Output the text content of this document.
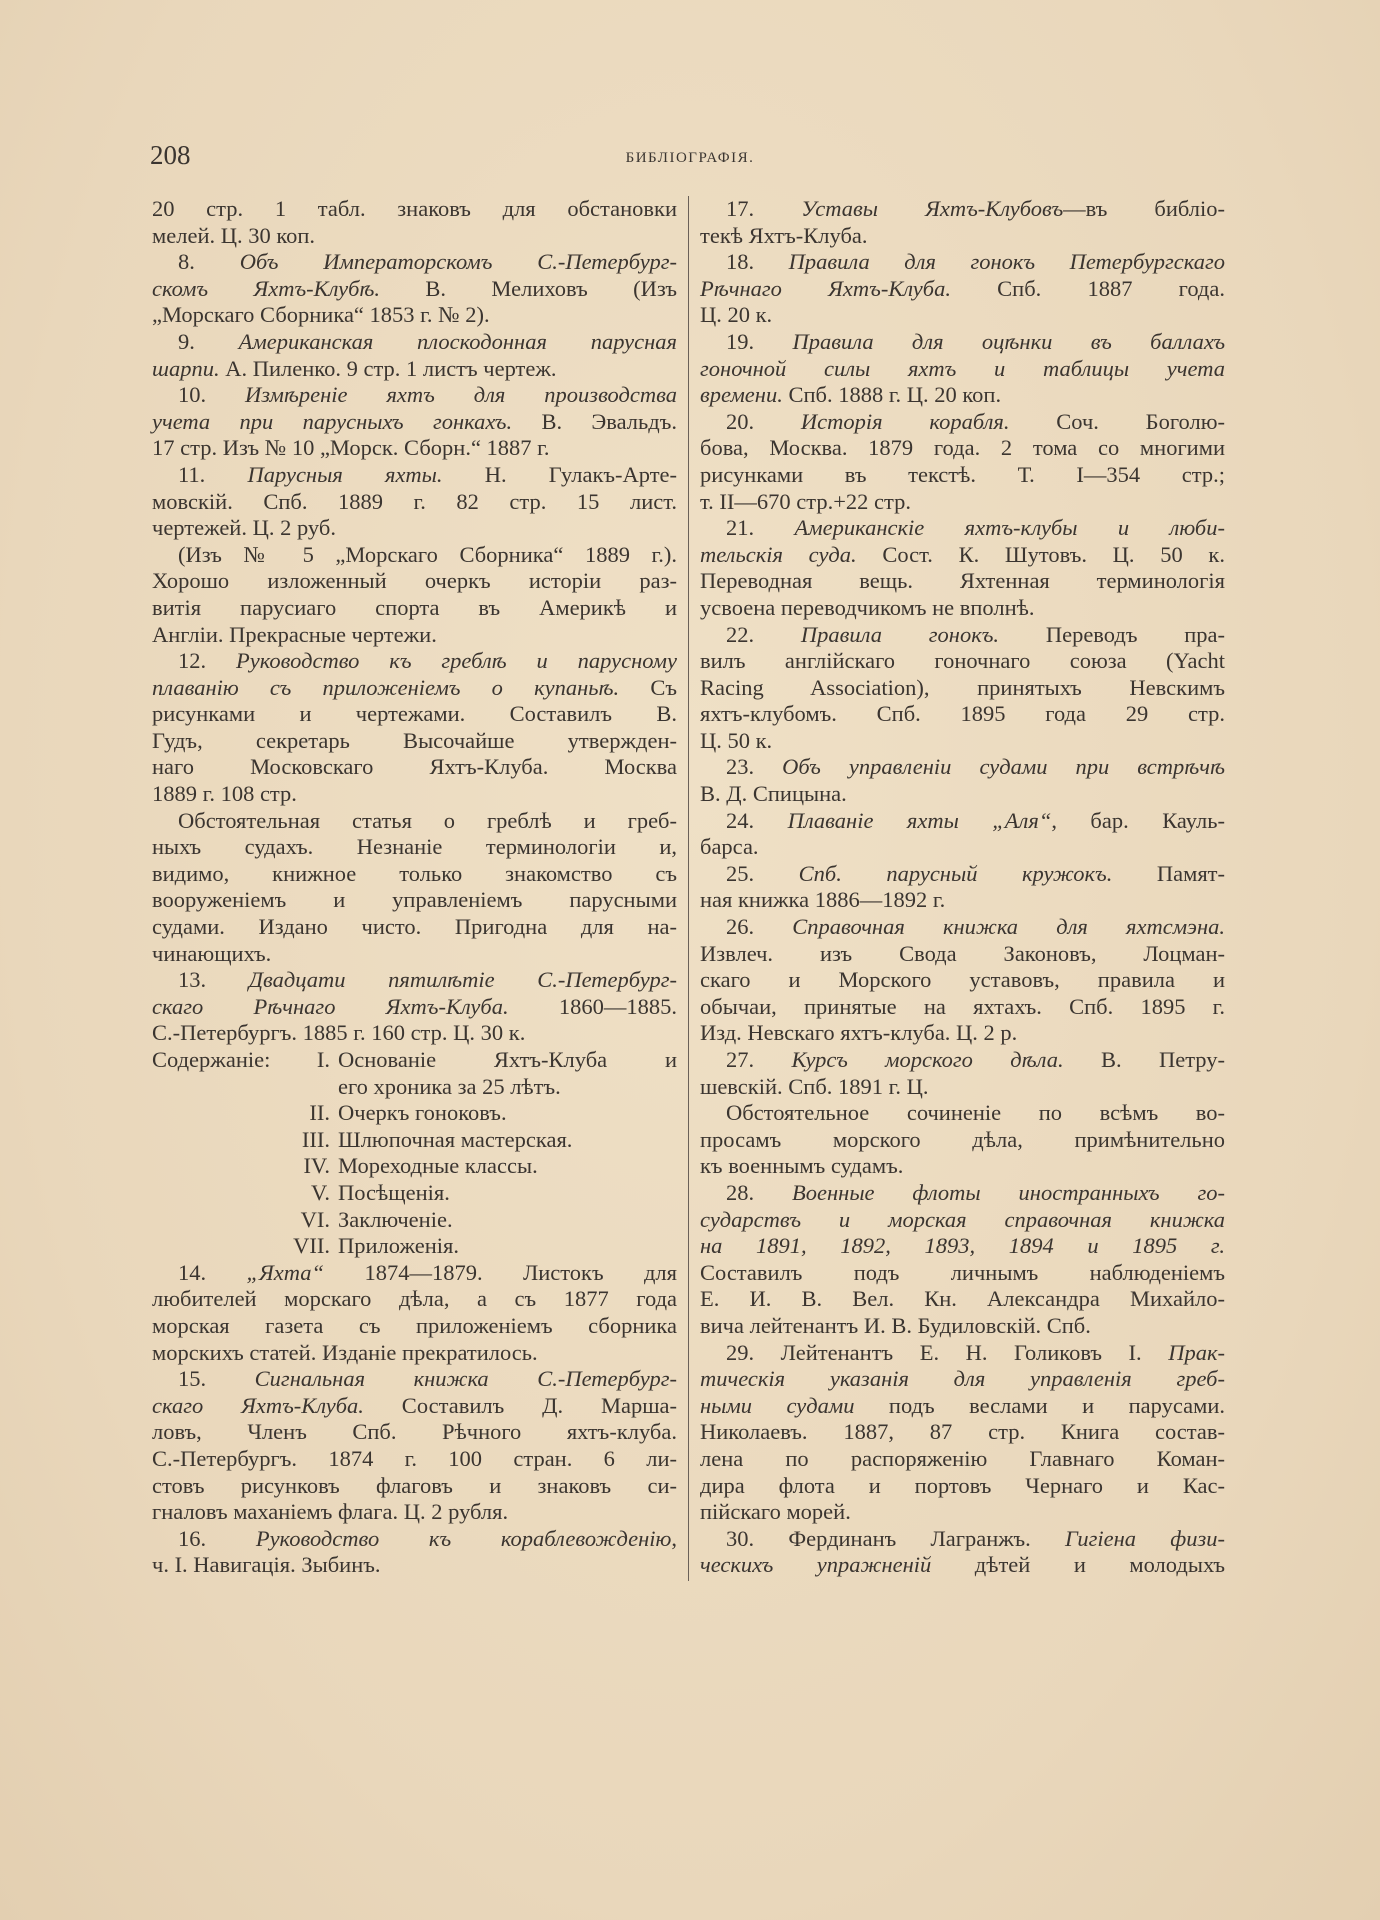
208	БИБЛІОГРАФІЯ.
20 стр. 1 табл. знаковъ для обстановки
мелей. Ц. 30 коп.
8. Объ Императорскомъ С.-Петербург-
скомъ Яхтъ-Клубѣ. В. Мелиховъ (Изъ
„Морскаго Сборника“ 1853 г. № 2).
9. Американская плоскодонная парусная
шарпи. А. Пиленко. 9 стр. 1 листъ чертеж.
10. Измѣреніе яхтъ для производства
учета при парусныхъ гонкахъ. В. Эвальдъ.
17 стр. Изъ № 10 „Морск. Сборн.“ 1887 г.
11. Парусныя яхты. Н. Гулакъ-Арте-
мовскій. Спб. 1889 г. 82 стр. 15 лист.
чертежей. Ц. 2 руб.
(Изъ № 5 „Морскаго Сборника“ 1889 г.).
Хорошо изложенный очеркъ исторіи раз-
витія парусиаго спорта въ Америкѣ и
Англіи. Прекрасные чертежи.
12. Руководство къ греблѣ и парусному
плаванію съ приложеніемъ о купаньѣ. Съ
рисунками и чертежами. Составилъ В.
Гудъ, секретарь Высочайше утвержден-
наго Московскаго Яхтъ-Клуба. Москва
1889 г. 108 стр.
Обстоятельная статья о греблѣ и греб-
ныхъ судахъ. Незнаніе терминологіи и,
видимо, книжное только знакомство съ
вооруженіемъ и управленіемъ парусными
судами. Издано чисто. Пригодна для на-
чинающихъ.
13. Двадцати пятилѣтіе С.-Петербург-
скаго Рѣчнаго Яхтъ-Клуба. 1860—1885.
С.-Петербургъ. 1885 г. 160 стр. Ц. 30 к.
Содержаніе: I. Основаніе Яхтъ-Клуба и
его хроника за 25 лѣтъ.
II. Очеркъ гоноковъ.
III. Шлюпочная мастерская.
IV. Мореходные классы.
V. Посѣщенія.
VI. Заключеніе.
VII. Приложенія.
14. „Яхта“ 1874—1879. Листокъ для
любителей морскаго дѣла, а съ 1877 года
морская газета съ приложеніемъ сборника
морскихъ статей. Изданіе прекратилось.
15. Сигнальная книжка С.-Петербург-
скаго Яхтъ-Клуба. Составилъ Д. Марша-
ловъ, Членъ Спб. Рѣчного яхтъ-клуба.
С.-Петербургъ. 1874 г. 100 стран. 6 ли-
стовъ рисунковъ флаговъ и знаковъ си-
гналовъ маханіемъ флага. Ц. 2 рубля.
16. Руководство къ кораблевожденію,
ч. I. Навигація. Зыбинъ.
17. Уставы Яхтъ-Клубовъ—въ библіо-
текѣ Яхтъ-Клуба.
18. Правила для гонокъ Петербургскаго
Рѣчнаго Яхтъ-Клуба. Спб. 1887 года.
Ц. 20 к.
19. Правила для оцѣнки въ баллахъ
гоночной силы яхтъ и таблицы учета
времени. Спб. 1888 г. Ц. 20 коп.
20. Исторія корабля. Соч. Боголю-
бова, Москва. 1879 года. 2 тома со многими
рисунками въ текстѣ. Т. I—354 стр.;
т. II—670 стр.+22 стр.
21. Американскіе яхтъ-клубы и люби-
тельскія суда. Сост. К. Шутовъ. Ц. 50 к.
Переводная вещь. Яхтенная терминологія
усвоена переводчикомъ не вполнѣ.
22. Правила гонокъ. Переводъ пра-
вилъ англійскаго гоночнаго союза (Yacht
Racing Association), принятыхъ Невскимъ
яхтъ-клубомъ. Спб. 1895 года 29 стр.
Ц. 50 к.
23. Объ управленіи судами при встрѣчѣ
В. Д. Спицына.
24. Плаваніе яхты „Аля“, бар. Кауль-
барса.
25. Спб. парусный кружокъ. Памят-
ная книжка 1886—1892 г.
26. Справочная книжка для яхтсмэна.
Извлеч. изъ Свода Законовъ, Лоцман-
скаго и Морского уставовъ, правила и
обычаи, принятые на яхтахъ. Спб. 1895 г.
Изд. Невскаго яхтъ-клуба. Ц. 2 р.
27. Курсъ морского дѣла. В. Петру-
шевскій. Спб. 1891 г. Ц.
Обстоятельное сочиненіе по всѣмъ во-
просамъ морского дѣла, примѣнительно
къ военнымъ судамъ.
28. Военные флоты иностранныхъ го-
сударствъ и морская справочная книжка
на 1891, 1892, 1893, 1894 и 1895 г.
Составилъ подъ личнымъ наблюденіемъ
Е. И. В. Вел. Кн. Александра Михайло-
вича лейтенантъ И. В. Будиловскій. Спб.
29. Лейтенантъ Е. Н. Голиковъ I. Прак-
тическія указанія для управленія греб-
ными судами подъ веслами и парусами.
Николаевъ. 1887, 87 стр. Книга состав-
лена по распоряженію Главнаго Коман-
дира флота и портовъ Чернаго и Кас-
пійскаго морей.
30. Фердинанъ Лагранжъ. Гигіена физи-
ческихъ упражненій дѣтей и молодыхъ
